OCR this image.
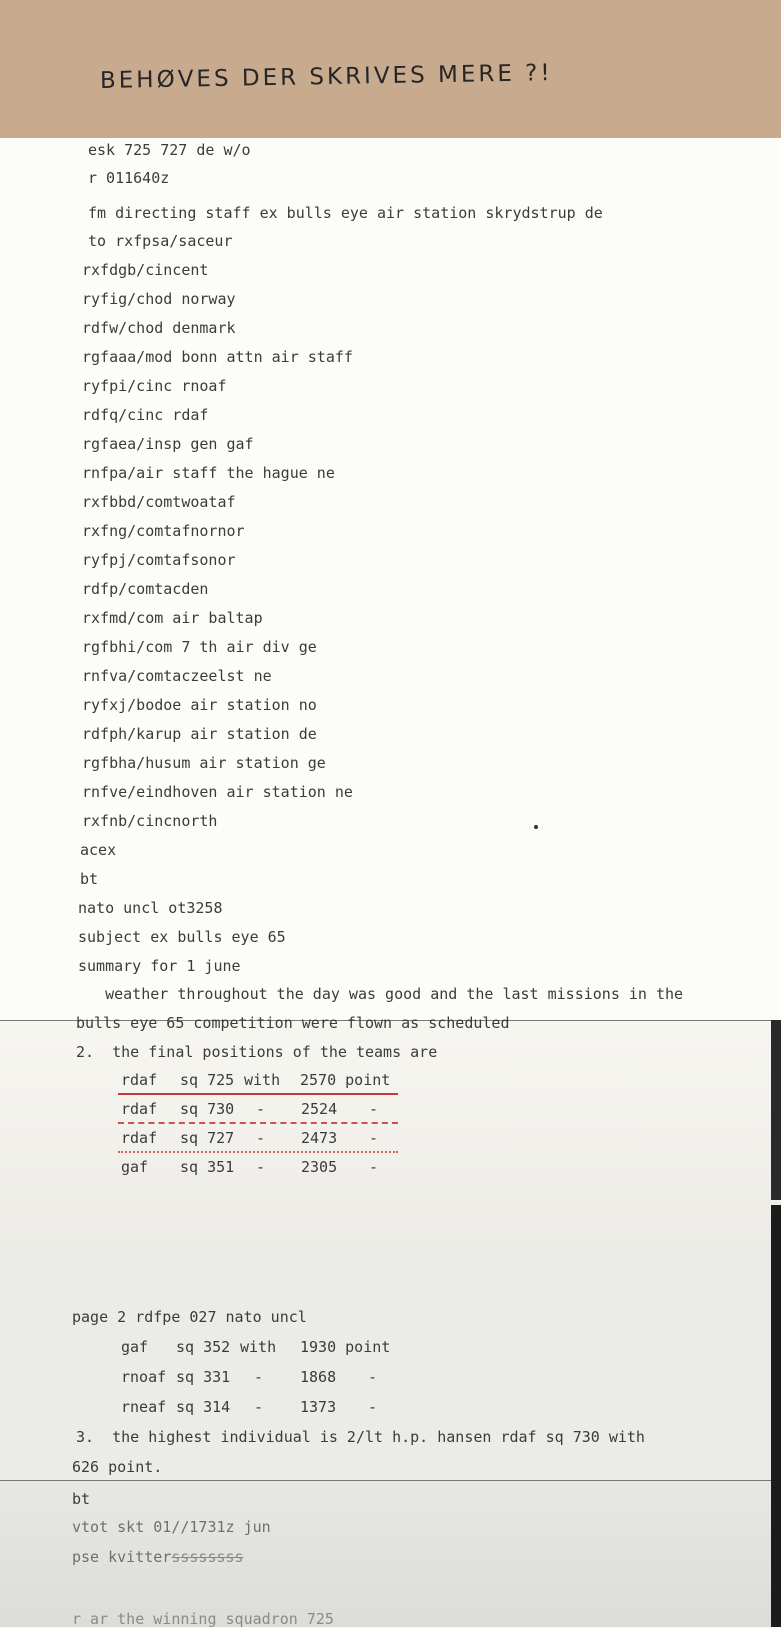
BEHØVES DER SKRIVES MERE ?!
esk 725 727 de w/o
r 011640z
fm directing staff ex bulls eye air station skrydstrup de
to rxfpsa/saceur
rxfdgb/cincent
ryfig/chod norway
rdfw/chod denmark
rgfaaa/mod bonn attn air staff
ryfpi/cinc rnoaf
rdfq/cinc rdaf
rgfaea/insp gen gaf
rnfpa/air staff the hague ne
rxfbbd/comtwoataf
rxfng/comtafnornor
ryfpj/comtafsonor
rdfp/comtacden
rxfmd/com air baltap
rgfbhi/com 7 th air div ge
rnfva/comtaczeelst ne
ryfxj/bodoe air station no
rdfph/karup air station de
rgfbha/husum air station ge
rnfve/eindhoven air station ne
rxfnb/cincnorth
acex
bt
nato uncl ot3258
subject ex bulls eye 65
summary for 1 june
weather throughout the day was good and the last missions in the
bulls eye 65 competition were flown as scheduled
2.  the final positions of the teams are
rdaf sq 725 with 2570 point
rdaf sq 730 - 2524 -
rdaf sq 727 - 2473 -
gaf sq 351 - 2305 -
page 2 rdfpe 027 nato uncl
gaf sq 352 with 1930 point
rnoaf sq 331 - 1868 -
rneaf sq 314 - 1373 -
3.  the highest individual is 2/lt h.p. hansen rdaf sq 730 with
626 point.
bt
vtot skt 01//1731z jun
pse kvitterssssssss
r ar the winning squadron 725
